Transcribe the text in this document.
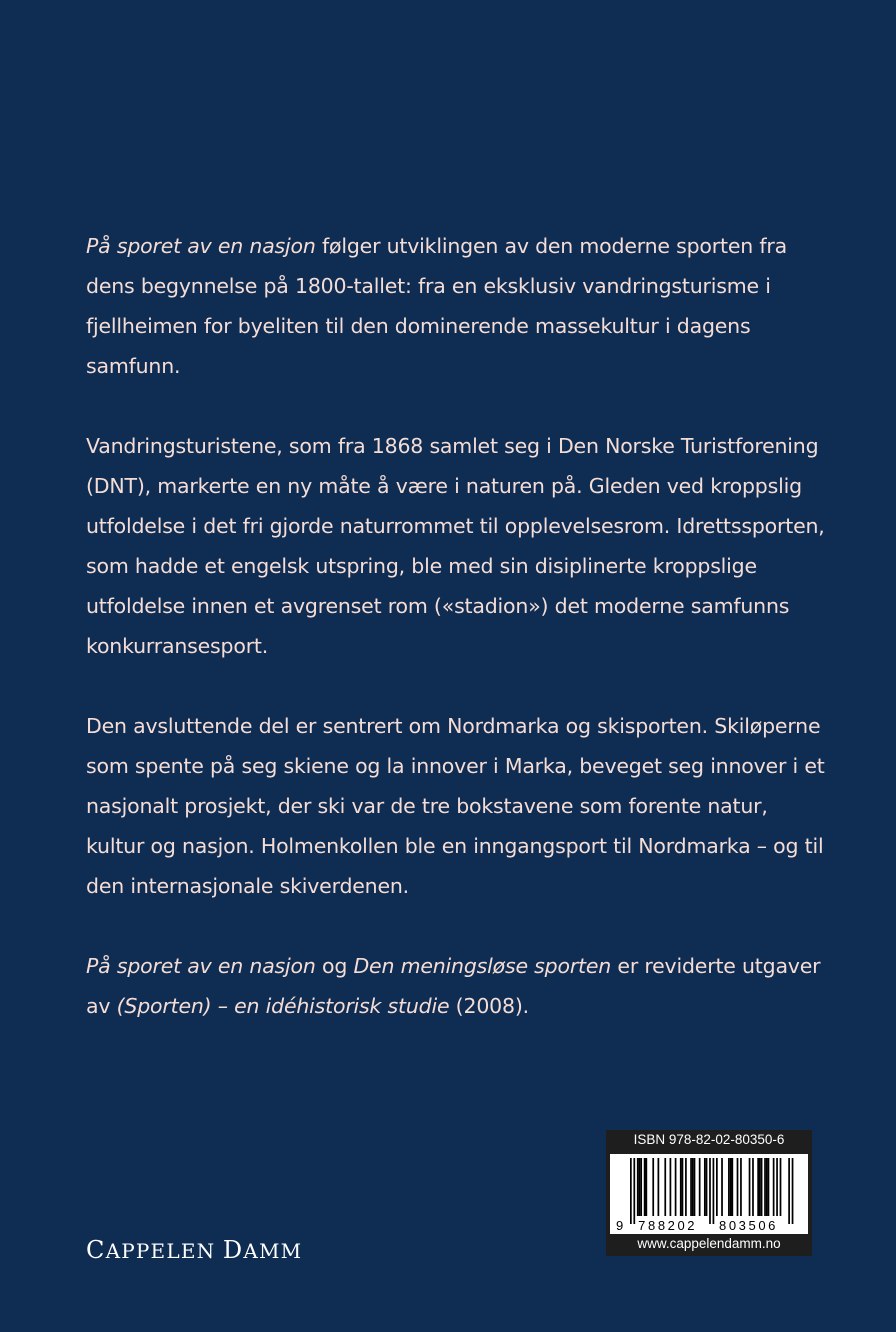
På sporet av en nasjon følger utviklingen av den moderne sporten fra dens begynnelse på 1800-tallet: fra en eksklusiv vandringsturisme i fjellheimen for byeliten til den dominerende massekultur i dagens samfunn.

Vandringsturistene, som fra 1868 samlet seg i Den Norske Turistforening (DNT), markerte en ny måte å være i naturen på. Gleden ved kroppslig utfoldelse i det fri gjorde naturrommet til opplevelsesrom. Idrettssporten, som hadde et engelsk utspring, ble med sin disiplinerte kroppslige utfoldelse innen et avgrenset rom («stadion») det moderne samfunns konkurransesport.

Den avsluttende del er sentrert om Nordmarka og skisporten. Skiløperne som spente på seg skiene og la innover i Marka, beveget seg innover i et nasjonalt prosjekt, der ski var de tre bokstavene som forente natur, kultur og nasjon. Holmenkollen ble en inngangsport til Nordmarka – og til den internasjonale skiverdenen.

På sporet av en nasjon og Den meningsløse sporten er reviderte utgaver av (Sporten) – en idéhistorisk studie (2008).

CAPPELEN DAMM
ISBN 978-82-02-80350-6
9 788202 803506
www.cappelendamm.no
